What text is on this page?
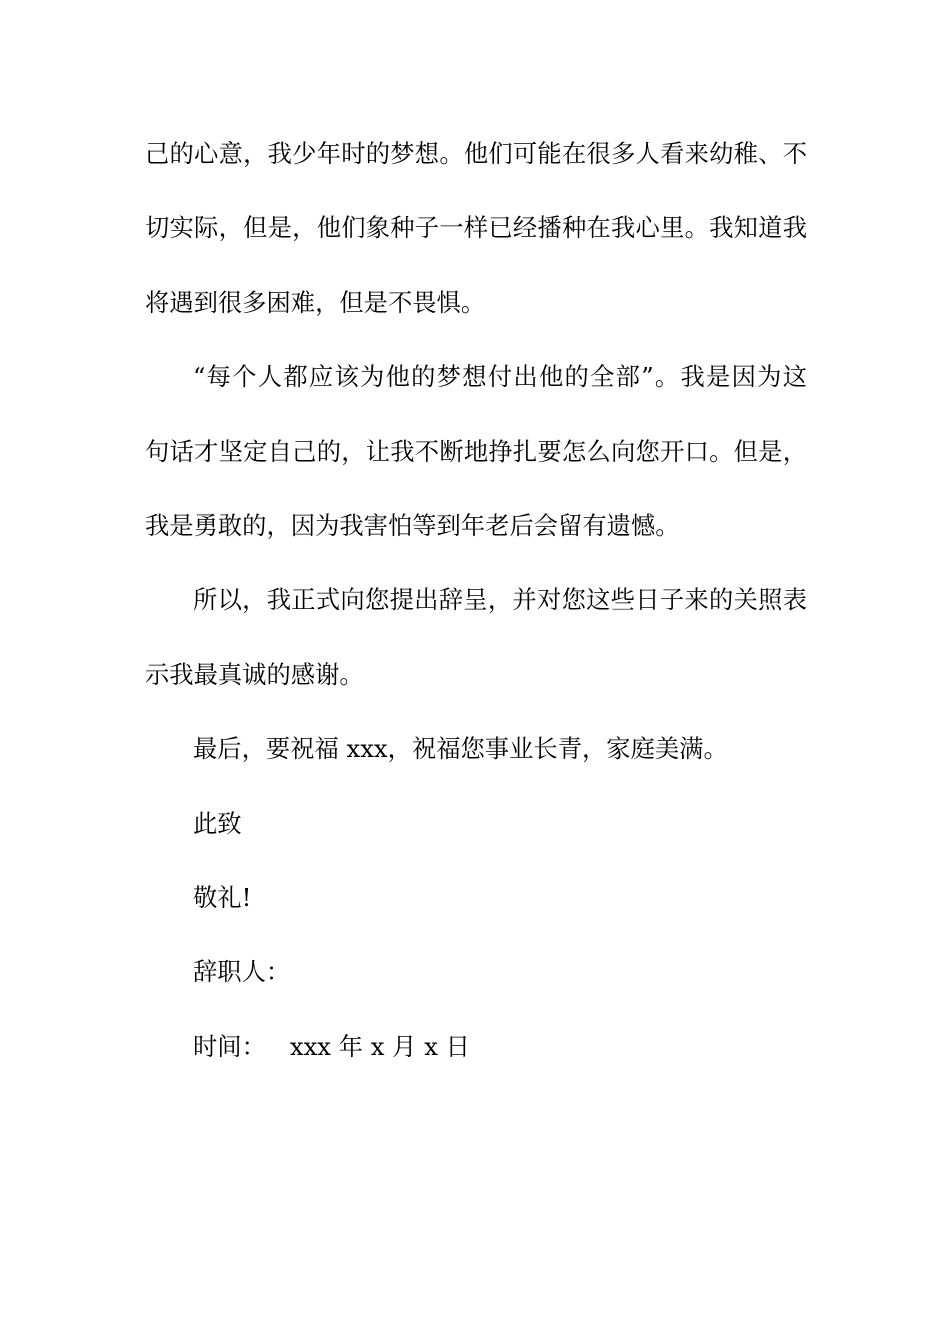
己的心意，我少年时的梦想。他们可能在很多人看来幼稚、不
切实际，但是，他们象种子一样已经播种在我心里。我知道我
将遇到很多困难，但是不畏惧。
“每个人都应该为他的梦想付出他的全部”。我是因为这
句话才坚定自己的，让我不断地挣扎要怎么向您开口。但是，
我是勇敢的，因为我害怕等到年老后会留有遗憾。
所以，我正式向您提出辞呈，并对您这些日子来的关照表
示我最真诚的感谢。
最后，要祝福 xxx，祝福您事业长青，家庭美满。
此致
敬礼!
辞职人：
时间： xxx 年 x 月 x 日
